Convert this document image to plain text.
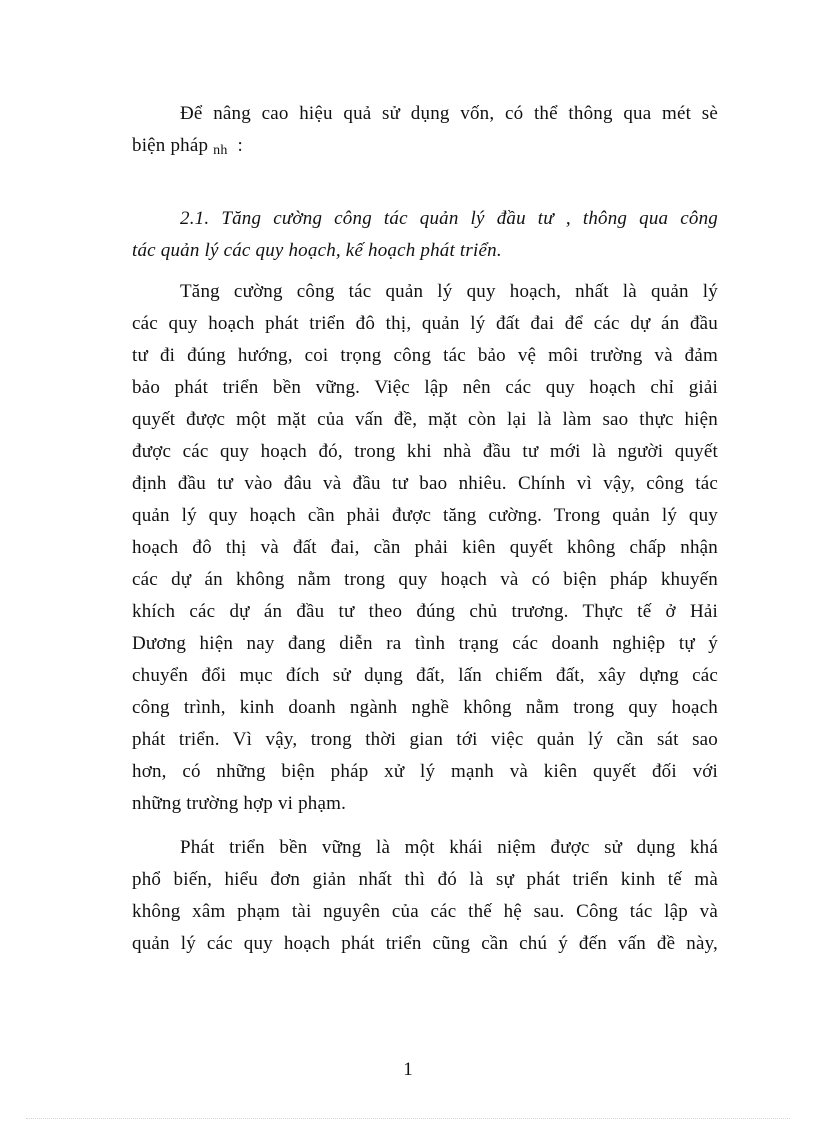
Để nâng cao hiệu quả sử dụng vốn, có thể thông qua mét sè
biện pháp nh :
2.1. Tăng cường công tác quản lý đầu tư , thông qua công
tác quản lý các quy hoạch, kế hoạch phát triển.
Tăng cường công tác quản lý quy hoạch, nhất là quản lý
các quy hoạch phát triển đô thị, quản lý đất đai để các dự án đầu
tư đi đúng hướng, coi trọng công tác bảo vệ môi trường và đảm
bảo phát triển bền vững. Việc lập nên các quy hoạch chỉ giải
quyết được một mặt của vấn đề, mặt còn lại là làm sao thực hiện
được các quy hoạch đó, trong khi nhà đầu tư mới là người quyết
định đầu tư vào đâu và đầu tư bao nhiêu. Chính vì vậy, công tác
quản lý quy hoạch cần phải được tăng cường. Trong quản lý quy
hoạch đô thị và đất đai, cần phải kiên quyết không chấp nhận
các dự án không nằm trong quy hoạch và có biện pháp khuyến
khích các dự án đầu tư theo đúng chủ trương. Thực tế ở Hải
Dương hiện nay đang diễn ra tình trạng các doanh nghiệp tự ý
chuyển đổi mục đích sử dụng đất, lấn chiếm đất, xây dựng các
công trình, kinh doanh ngành nghề không nằm trong quy hoạch
phát triển. Vì vậy, trong thời gian tới việc quản lý cần sát sao
hơn, có những biện pháp xử lý mạnh và kiên quyết đối với
những trường hợp vi phạm.
Phát triển bền vững là một khái niệm được sử dụng khá
phổ biến, hiểu đơn giản nhất thì đó là sự phát triển kinh tế mà
không xâm phạm tài nguyên của các thế hệ sau. Công tác lập và
quản lý các quy hoạch phát triển cũng cần chú ý đến vấn đề này,
1
